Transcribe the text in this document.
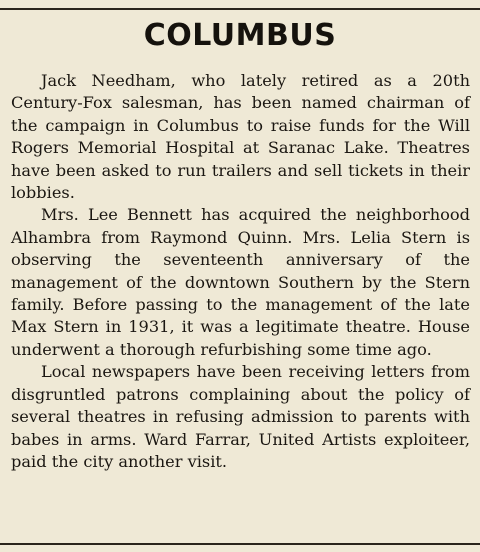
COLUMBUS

Jack Needham, who lately retired as a 20th Century-Fox salesman, has been named chairman of the campaign in Columbus to raise funds for the Will Rogers Memorial Hospital at Saranac Lake. Theatres have been asked to run trailers and sell tickets in their lobbies.

Mrs. Lee Bennett has acquired the neighborhood Alhambra from Raymond Quinn. Mrs. Lelia Stern is observing the seventeenth anniversary of the management of the downtown Southern by the Stern family. Before passing to the management of the late Max Stern in 1931, it was a legitimate theatre. House underwent a thorough refurbishing some time ago.

Local newspapers have been receiving letters from disgruntled patrons complaining about the policy of several theatres in refusing admission to parents with babes in arms. Ward Farrar, United Artists exploiteer, paid the city another visit.
